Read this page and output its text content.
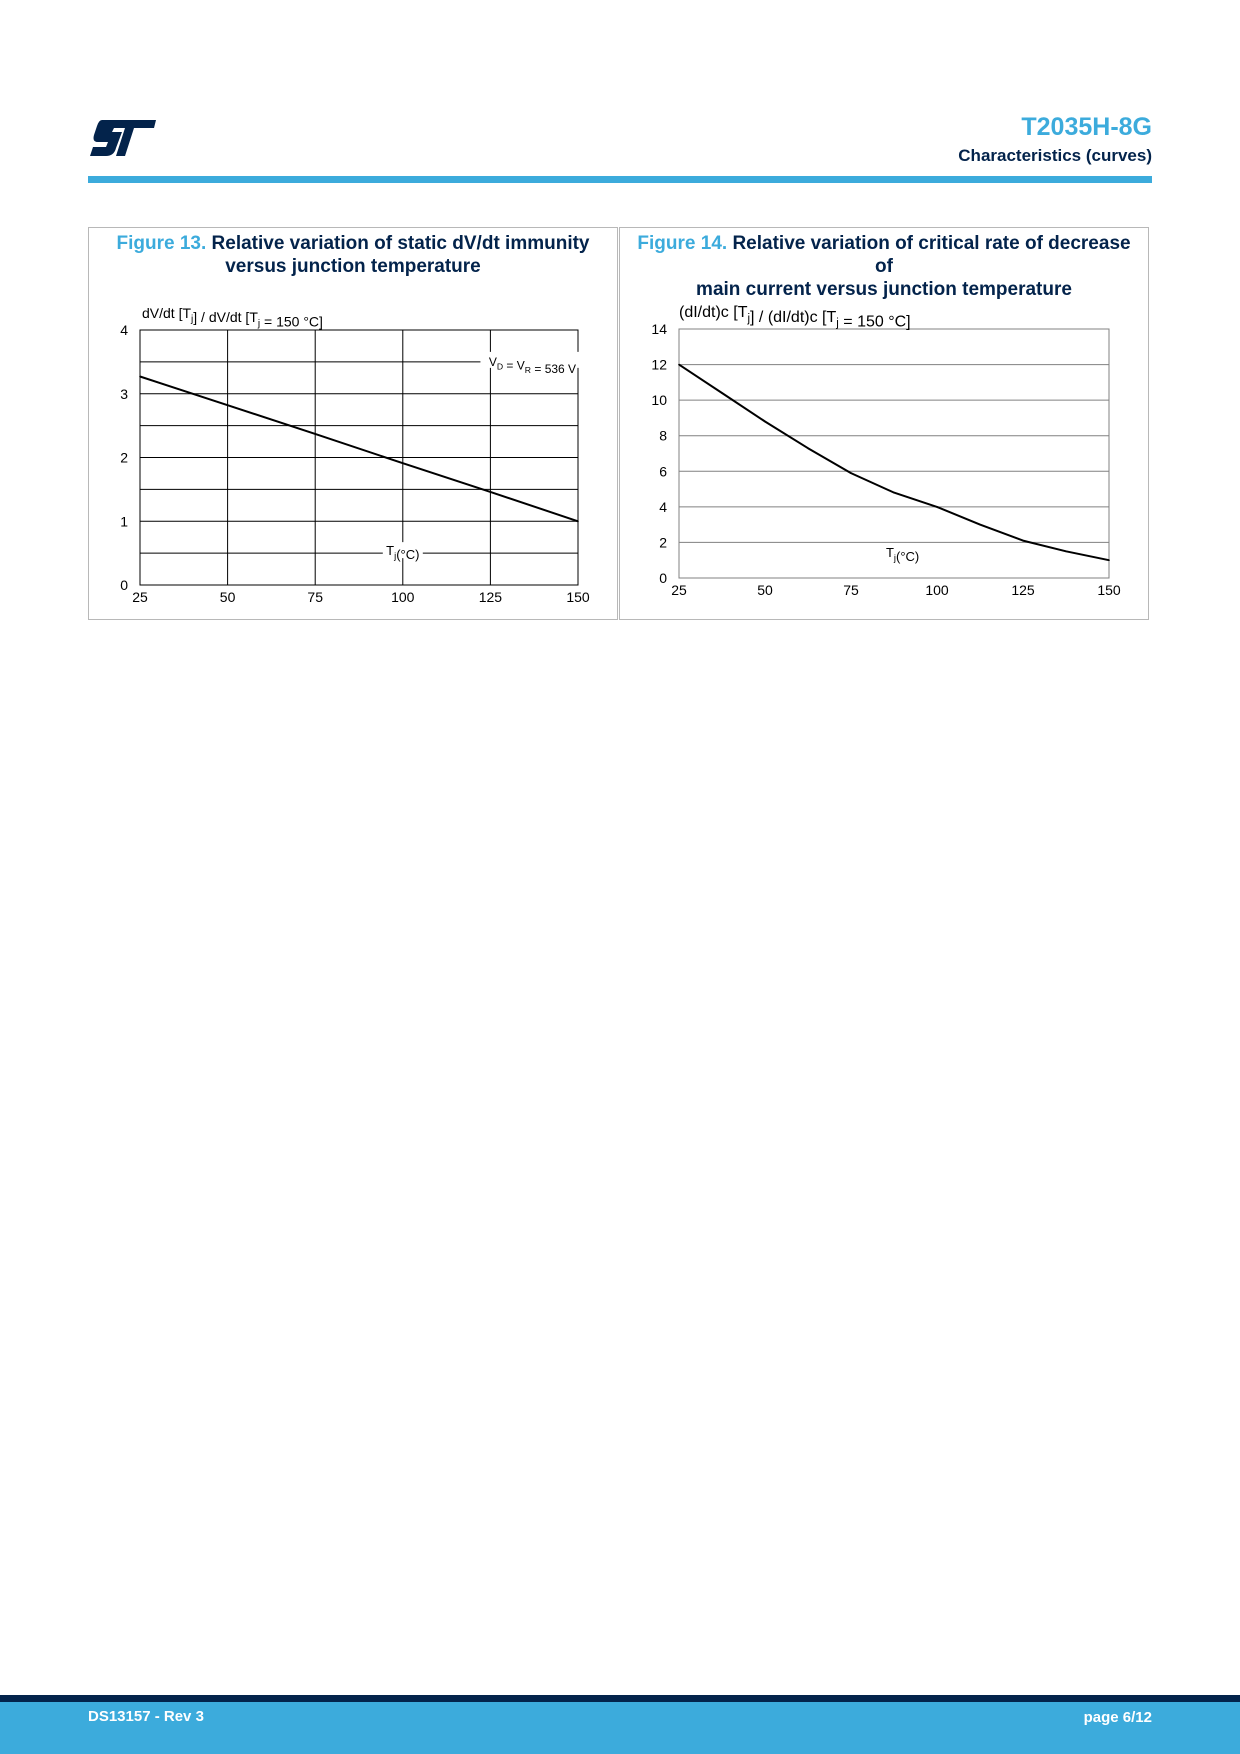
T2035H-8G
Characteristics (curves)
Figure 13. Relative variation of static dV/dt immunity
versus junction temperature
25	50	75	100	125	150
0
1
2
3
4
dV/dt $[T_j] / dV/dt$ [$T_j = 150$ °C]
$T_j(^\circ C)$
$V_D = V_R = 536$ V
Figure 14. Relative variation of critical rate of decrease of
main current versus junction temperature
25	50	75	100	125	150
0
2
4
6
8
10
12
14
(dI/dt)c $[T_j] / (dI/dt)c$ [$T_j = 150$ °C]
$T_j(^\circ C)$
DS13157 - Rev 3	page 6/12
